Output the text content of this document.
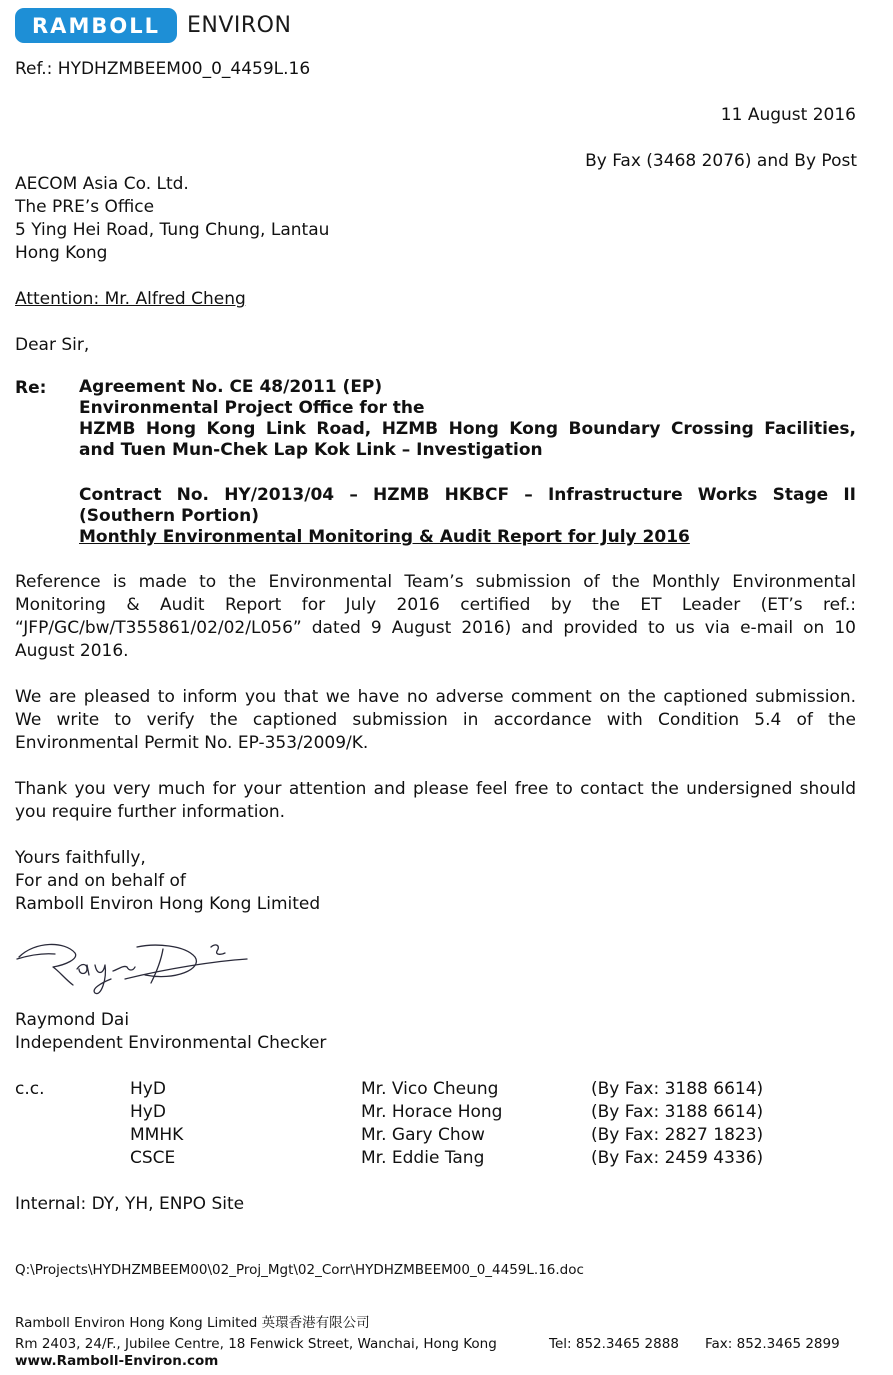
RAMBOLL ENVIRON
Ref.: HYDHZMBEEM00_0_4459L.16
11 August 2016
By Fax (3468 2076) and By Post
AECOM Asia Co. Ltd.
The PRE’s Office
5 Ying Hei Road, Tung Chung, Lantau
Hong Kong
Attention: Mr. Alfred Cheng
Dear Sir,
Re: Agreement No. CE 48/2011 (EP)
Environmental Project Office for the
HZMB Hong Kong Link Road, HZMB Hong Kong Boundary Crossing Facilities,
and Tuen Mun-Chek Lap Kok Link – Investigation
Contract No. HY/2013/04 – HZMB HKBCF – Infrastructure Works Stage II (Southern Portion)
Monthly Environmental Monitoring & Audit Report for July 2016
Reference is made to the Environmental Team’s submission of the Monthly Environmental Monitoring & Audit Report for July 2016 certified by the ET Leader (ET’s ref.: “JFP/GC/bw/T355861/02/02/L056” dated 9 August 2016) and provided to us via e-mail on 10 August 2016.
We are pleased to inform you that we have no adverse comment on the captioned submission. We write to verify the captioned submission in accordance with Condition 5.4 of the Environmental Permit No. EP-353/2009/K.
Thank you very much for your attention and please feel free to contact the undersigned should you require further information.
Yours faithfully,
For and on behalf of
Ramboll Environ Hong Kong Limited
Raymond Dai
Independent Environmental Checker
c.c.	HyD	Mr. Vico Cheung	(By Fax: 3188 6614)
HyD	Mr. Horace Hong	(By Fax: 3188 6614)
MMHK	Mr. Gary Chow	(By Fax: 2827 1823)
CSCE	Mr. Eddie Tang	(By Fax: 2459 4336)
Internal: DY, YH, ENPO Site
Q:\Projects\HYDHZMBEEM00\02_Proj_Mgt\02_Corr\HYDHZMBEEM00_0_4459L.16.doc
Ramboll Environ Hong Kong Limited 英環香港有限公司
Rm 2403, 24/F., Jubilee Centre, 18 Fenwick Street, Wanchai, Hong Kong	Tel: 852.3465 2888 Fax: 852.3465 2899
www.Ramboll-Environ.com
